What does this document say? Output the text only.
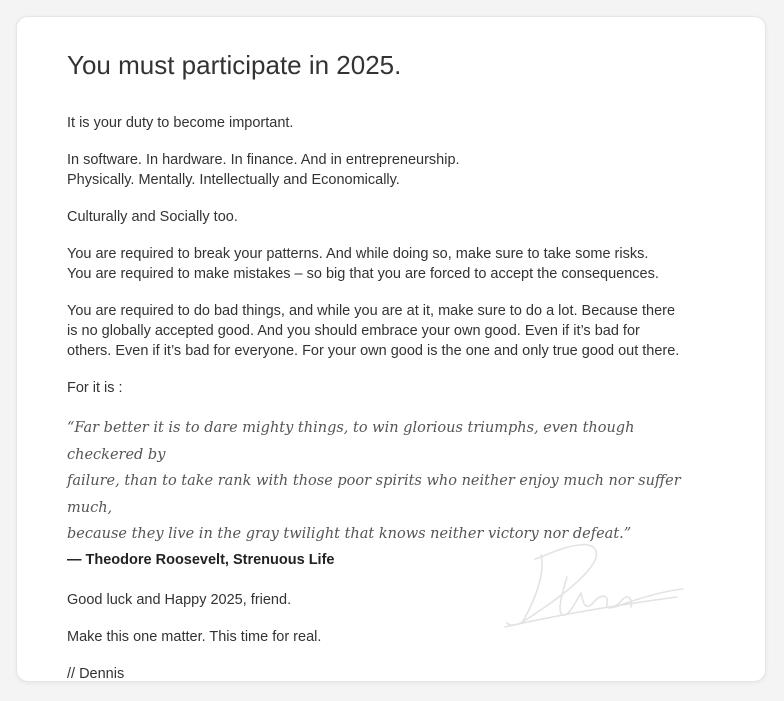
You must participate in 2025.

It is your duty to become important.

In software. In hardware. In finance. And in entrepreneurship.
Physically. Mentally. Intellectually and Economically.

Culturally and Socially too.

You are required to break your patterns. And while doing so, make sure to take some risks.
You are required to make mistakes – so big that you are forced to accept the consequences.

You are required to do bad things, and while you are at it, make sure to do a lot. Because there
is no globally accepted good. And you should embrace your own good. Even if it’s bad for
others. Even if it’s bad for everyone. For your own good is the one and only true good out there.

For it is :

“Far better it is to dare mighty things, to win glorious triumphs, even though checkered by
failure, than to take rank with those poor spirits who neither enjoy much nor suffer much,
because they live in the gray twilight that knows neither victory nor defeat.”

— Theodore Roosevelt, Strenuous Life

Good luck and Happy 2025, friend.

Make this one matter. This time for real.

// Dennis
